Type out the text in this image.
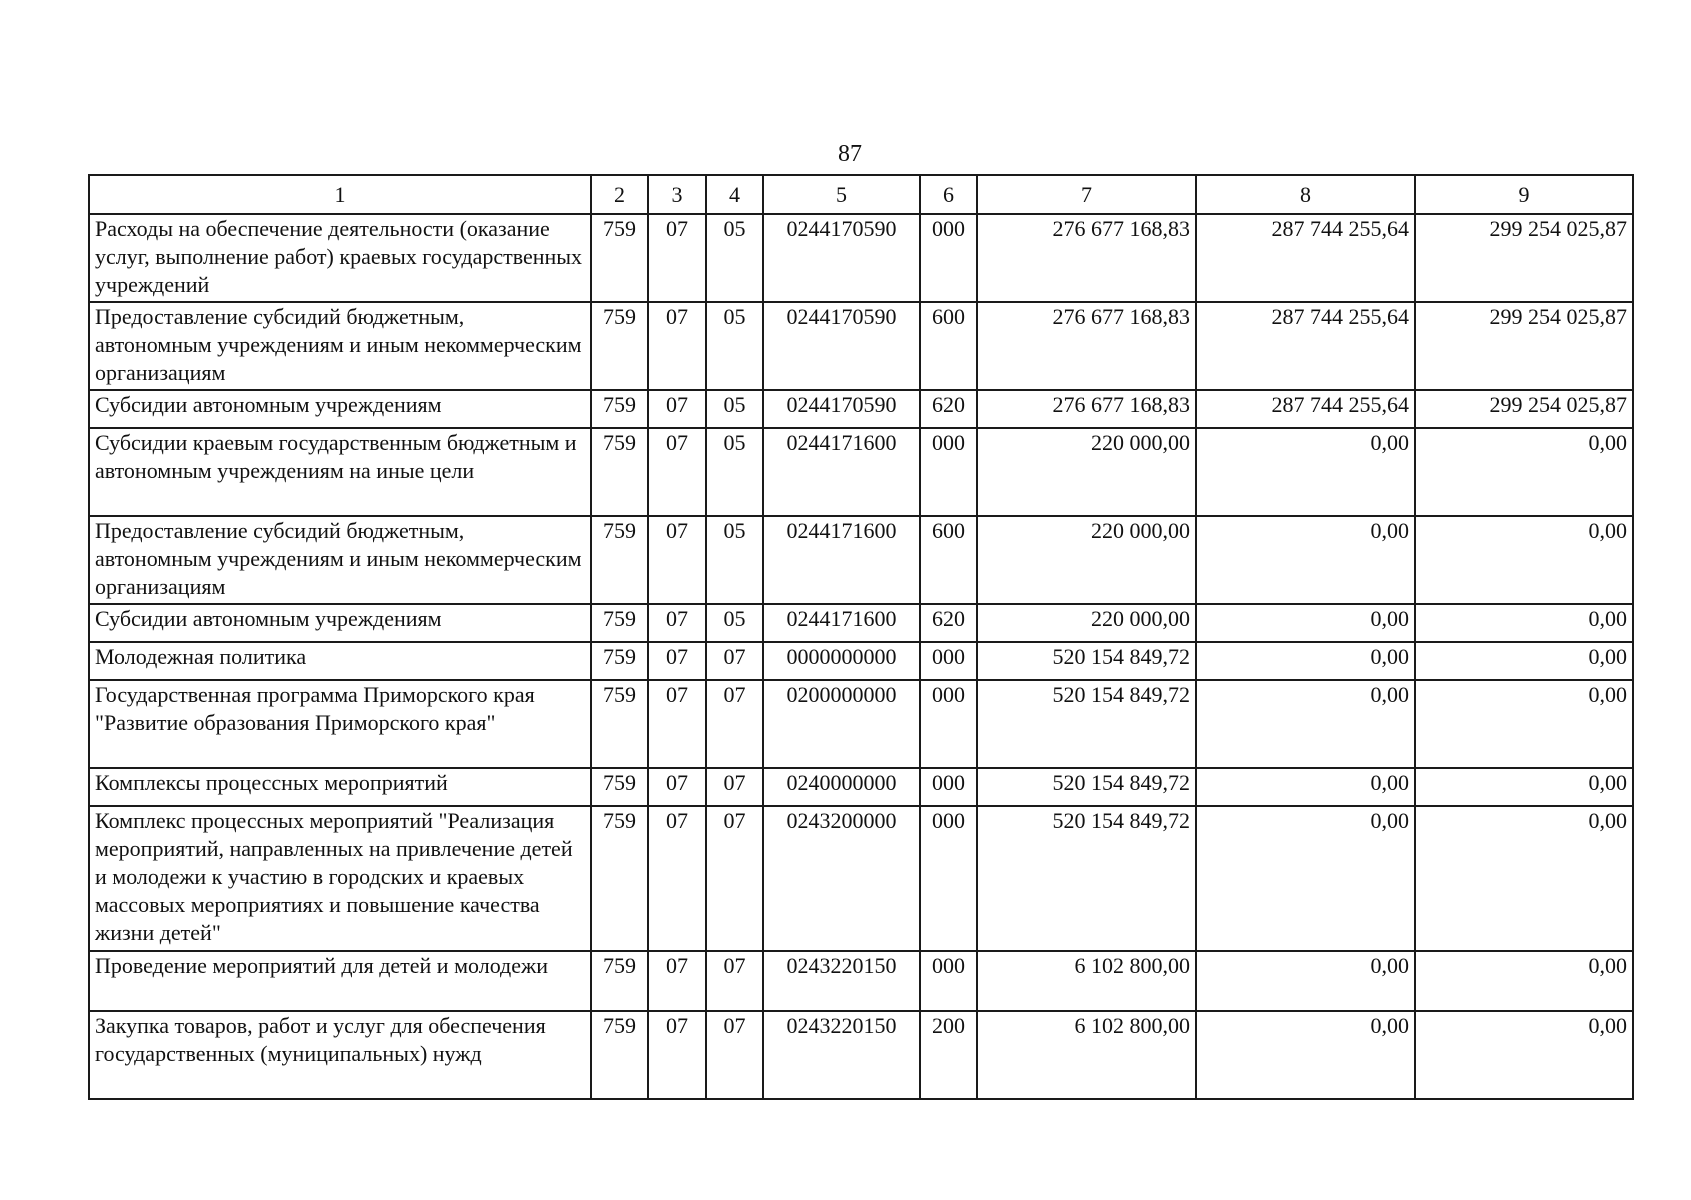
87
1	2	3	4	5	6	7	8	9
Расходы на обеспечение деятельности (оказание услуг, выполнение работ) краевых государственных учреждений	759	07	05	0244170590	000	276 677 168,83	287 744 255,64	299 254 025,87
Предоставление субсидий бюджетным, автономным учреждениям и иным некоммерческим организациям	759	07	05	0244170590	600	276 677 168,83	287 744 255,64	299 254 025,87
Субсидии автономным учреждениям	759	07	05	0244170590	620	276 677 168,83	287 744 255,64	299 254 025,87
Субсидии краевым государственным бюджетным и автономным учреждениям на иные цели	759	07	05	0244171600	000	220 000,00	0,00	0,00
Предоставление субсидий бюджетным, автономным учреждениям и иным некоммерческим организациям	759	07	05	0244171600	600	220 000,00	0,00	0,00
Субсидии автономным учреждениям	759	07	05	0244171600	620	220 000,00	0,00	0,00
Молодежная политика	759	07	07	0000000000	000	520 154 849,72	0,00	0,00
Государственная программа Приморского края "Развитие образования Приморского края"	759	07	07	0200000000	000	520 154 849,72	0,00	0,00
Комплексы процессных мероприятий	759	07	07	0240000000	000	520 154 849,72	0,00	0,00
Комплекс процессных мероприятий "Реализация мероприятий, направленных на привлечение детей и молодежи к участию в городских и краевых массовых мероприятиях и повышение качества жизни детей"	759	07	07	0243200000	000	520 154 849,72	0,00	0,00
Проведение мероприятий для детей и молодежи	759	07	07	0243220150	000	6 102 800,00	0,00	0,00
Закупка товаров, работ и услуг для обеспечения государственных (муниципальных) нужд	759	07	07	0243220150	200	6 102 800,00	0,00	0,00
